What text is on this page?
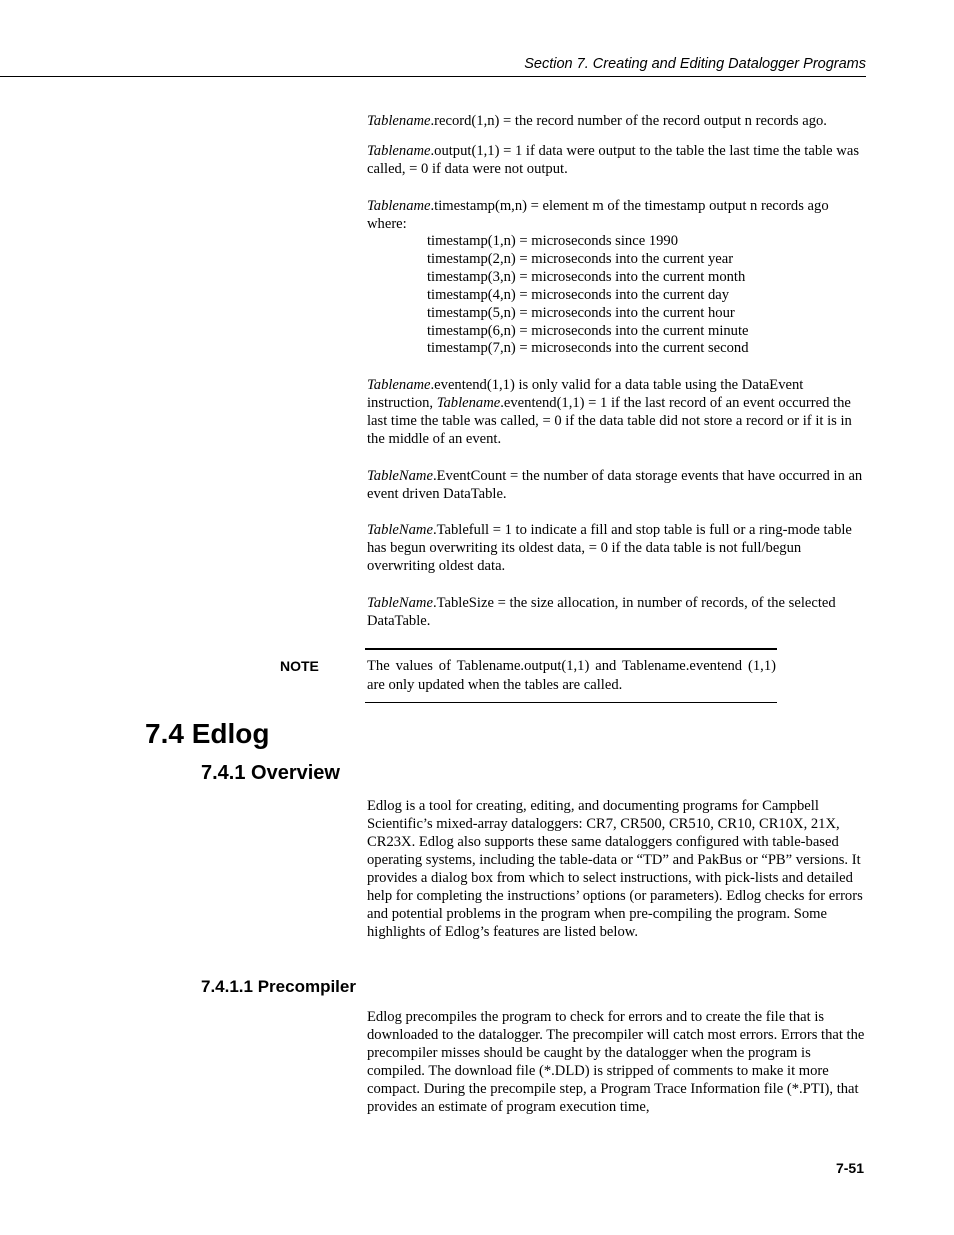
Section 7. Creating and Editing Datalogger Programs

Tablename.record(1,n) = the record number of the record output n records ago.

Tablename.output(1,1) = 1 if data were output to the table the last time the table was called, = 0 if data were not output.

Tablename.timestamp(m,n) = element m of the timestamp output n records ago where:

timestamp(1,n) = microseconds since 1990
timestamp(2,n) = microseconds into the current year
timestamp(3,n) = microseconds into the current month
timestamp(4,n) = microseconds into the current day
timestamp(5,n) = microseconds into the current hour
timestamp(6,n) = microseconds into the current minute
timestamp(7,n) = microseconds into the current second

Tablename.eventend(1,1) is only valid for a data table using the DataEvent instruction, Tablename.eventend(1,1) = 1 if the last record of an event occurred the last time the table was called, = 0 if the data table did not store a record or if it is in the middle of an event.

TableName.EventCount = the number of data storage events that have occurred in an event driven DataTable.

TableName.Tablefull = 1 to indicate a fill and stop table is full or a ring-mode table has begun overwriting its oldest data, = 0 if the data table is not full/begun overwriting oldest data.

TableName.TableSize = the size allocation, in number of records, of the selected DataTable.

NOTE	The values of Tablename.output(1,1) and Tablename.eventend (1,1) are only updated when the tables are called.
7.4 Edlog
7.4.1 Overview

Edlog is a tool for creating, editing, and documenting programs for Campbell Scientific’s mixed-array dataloggers: CR7, CR500, CR510, CR10, CR10X, 21X, CR23X. Edlog also supports these same dataloggers configured with table-based operating systems, including the table-data or “TD” and PakBus or “PB” versions. It provides a dialog box from which to select instructions, with pick-lists and detailed help for completing the instructions’ options (or parameters). Edlog checks for errors and potential problems in the program when pre-compiling the program. Some highlights of Edlog’s features are listed below.

7.4.1.1 Precompiler

Edlog precompiles the program to check for errors and to create the file that is downloaded to the datalogger. The precompiler will catch most errors. Errors that the precompiler misses should be caught by the datalogger when the program is compiled. The download file (*.DLD) is stripped of comments to make it more compact. During the precompile step, a Program Trace Information file (*.PTI), that provides an estimate of program execution time,

7-51
